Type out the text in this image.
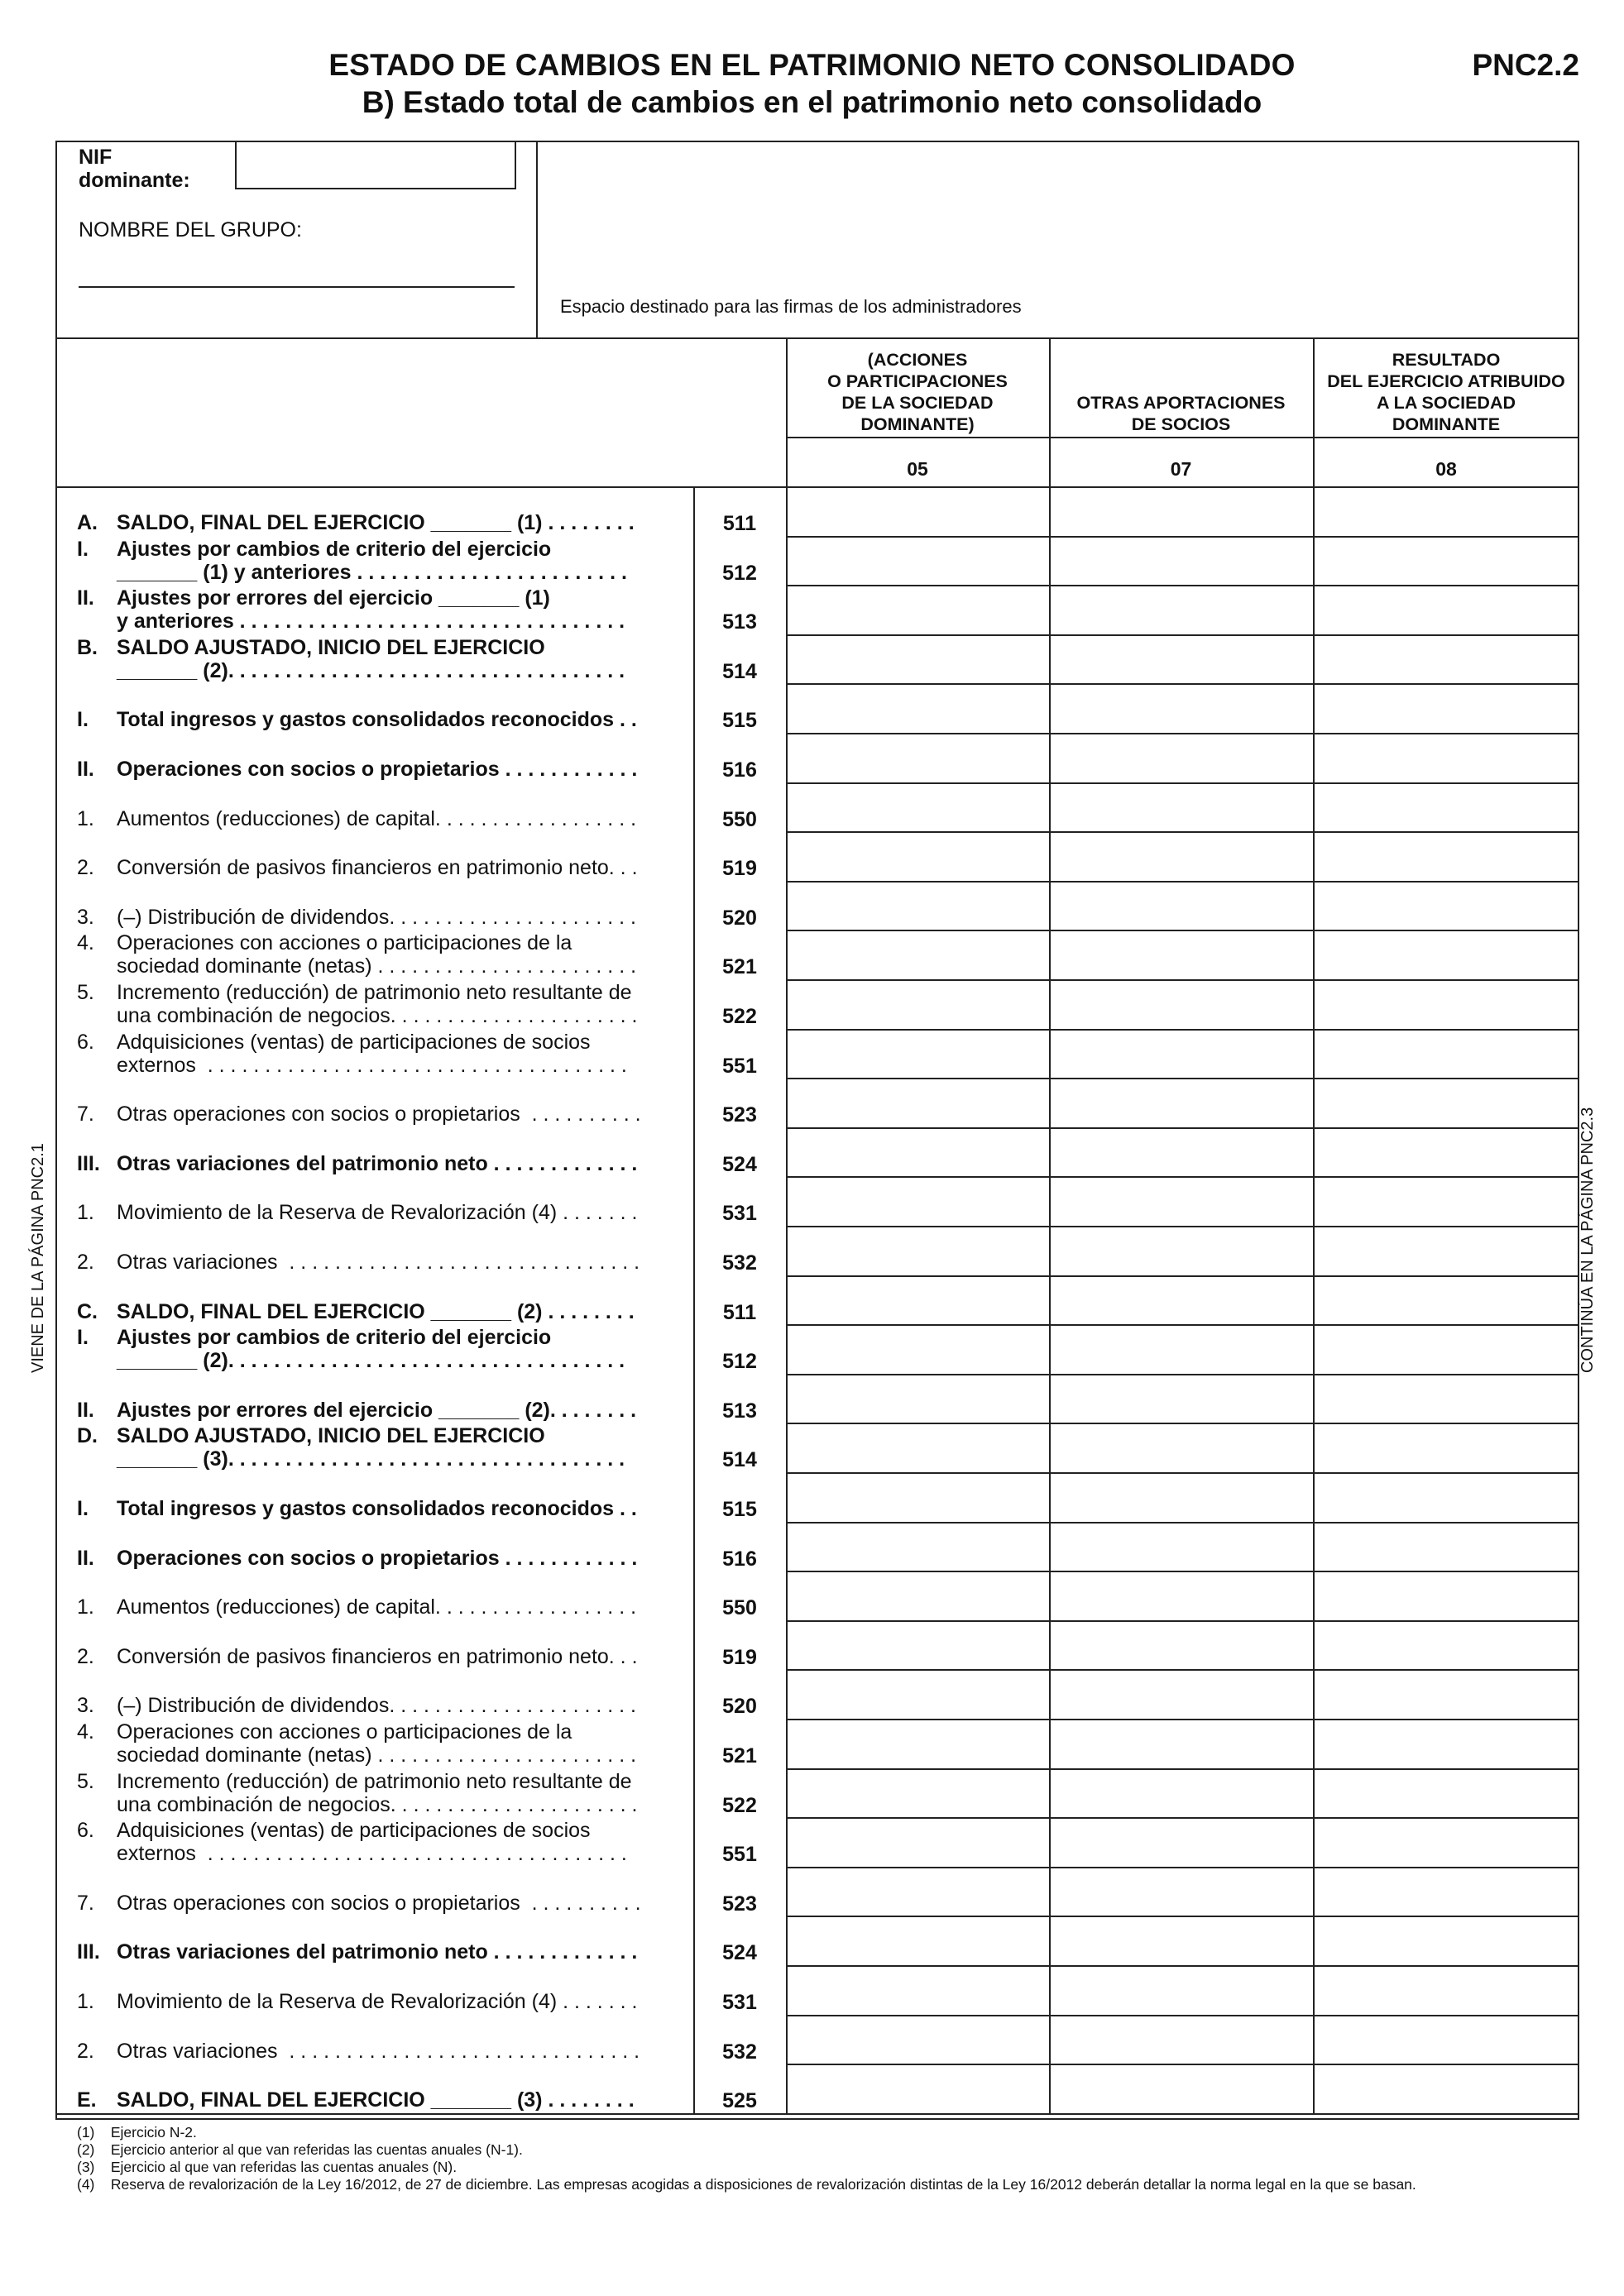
ESTADO DE CAMBIOS EN EL PATRIMONIO NETO CONSOLIDADO
B) Estado total de cambios en el patrimonio neto consolidado
PNC2.2
NIF
dominante:
NOMBRE DEL GRUPO:
Espacio destinado para las firmas de los administradores
VIENE DE LA PÁGINA PNC2.1	CONTINÚA EN LA PÁGINA PNC2.3
(1)    Ejercicio N-2.
(2)    Ejercicio anterior al que van referidas las cuentas anuales (N-1).
(3)    Ejercicio al que van referidas las cuentas anuales (N).
(4)    Reserva de revalorización de la Ley 16/2012, de 27 de diciembre. Las empresas acogidas a disposiciones de revalorización distintas de la Ley 16/2012 deberán detallar la norma legal en la que se basan.
(ACCIONES
O PARTICIPACIONES
DE LA SOCIEDAD
DOMINANTE)
05
OTRAS APORTACIONES
DE SOCIOS
07
RESULTADO
DEL EJERCICIO ATRIBUIDO
A LA SOCIEDAD
DOMINANTE
08
A. SALDO, FINAL DEL EJERCICIO _______ (1) . . . . . . . .	511
I. Ajustes por cambios de criterio del ejercicio
_______ (1) y anteriores . . . . . . . . . . . . . . . . . . . . . . . .	512
II. Ajustes por errores del ejercicio _______ (1)
y anteriores . . . . . . . . . . . . . . . . . . . . . . . . . . . . . . . . . .	513
B. SALDO AJUSTADO, INICIO DEL EJERCICIO
_______ (2). . . . . . . . . . . . . . . . . . . . . . . . . . . . . . . . . . .	514
I. Total ingresos y gastos consolidados reconocidos . .	515
II. Operaciones con socios o propietarios . . . . . . . . . . . .	516
1. Aumentos (reducciones) de capital. . . . . . . . . . . . . . . . . .	550
2. Conversión de pasivos financieros en patrimonio neto. . .	519
3. (–) Distribución de dividendos. . . . . . . . . . . . . . . . . . . . . .	520
4. Operaciones con acciones o participaciones de la
sociedad dominante (netas) . . . . . . . . . . . . . . . . . . . . . . .	521
5. Incremento (reducción) de patrimonio neto resultante de
una combinación de negocios. . . . . . . . . . . . . . . . . . . . . .	522
6. Adquisiciones (ventas) de participaciones de socios
externos  . . . . . . . . . . . . . . . . . . . . . . . . . . . . . . . . . . . . .	551
7. Otras operaciones con socios o propietarios  . . . . . . . . . .	523
III. Otras variaciones del patrimonio neto . . . . . . . . . . . . .	524
1. Movimiento de la Reserva de Revalorización (4) . . . . . . .	531
2. Otras variaciones  . . . . . . . . . . . . . . . . . . . . . . . . . . . . . . .	532
C. SALDO, FINAL DEL EJERCICIO _______ (2) . . . . . . . .	511
I. Ajustes por cambios de criterio del ejercicio
_______ (2). . . . . . . . . . . . . . . . . . . . . . . . . . . . . . . . . . .	512
II. Ajustes por errores del ejercicio _______ (2). . . . . . . .	513
D. SALDO AJUSTADO, INICIO DEL EJERCICIO
_______ (3). . . . . . . . . . . . . . . . . . . . . . . . . . . . . . . . . . .	514
I. Total ingresos y gastos consolidados reconocidos . .	515
II. Operaciones con socios o propietarios . . . . . . . . . . . .	516
1. Aumentos (reducciones) de capital. . . . . . . . . . . . . . . . . .	550
2. Conversión de pasivos financieros en patrimonio neto. . .	519
3. (–) Distribución de dividendos. . . . . . . . . . . . . . . . . . . . . .	520
4. Operaciones con acciones o participaciones de la
sociedad dominante (netas) . . . . . . . . . . . . . . . . . . . . . . .	521
5. Incremento (reducción) de patrimonio neto resultante de
una combinación de negocios. . . . . . . . . . . . . . . . . . . . . .	522
6. Adquisiciones (ventas) de participaciones de socios
externos  . . . . . . . . . . . . . . . . . . . . . . . . . . . . . . . . . . . . .	551
7. Otras operaciones con socios o propietarios  . . . . . . . . . .	523
III. Otras variaciones del patrimonio neto . . . . . . . . . . . . .	524
1. Movimiento de la Reserva de Revalorización (4) . . . . . . .	531
2. Otras variaciones  . . . . . . . . . . . . . . . . . . . . . . . . . . . . . . .	532
E. SALDO, FINAL DEL EJERCICIO _______ (3) . . . . . . . .	525
